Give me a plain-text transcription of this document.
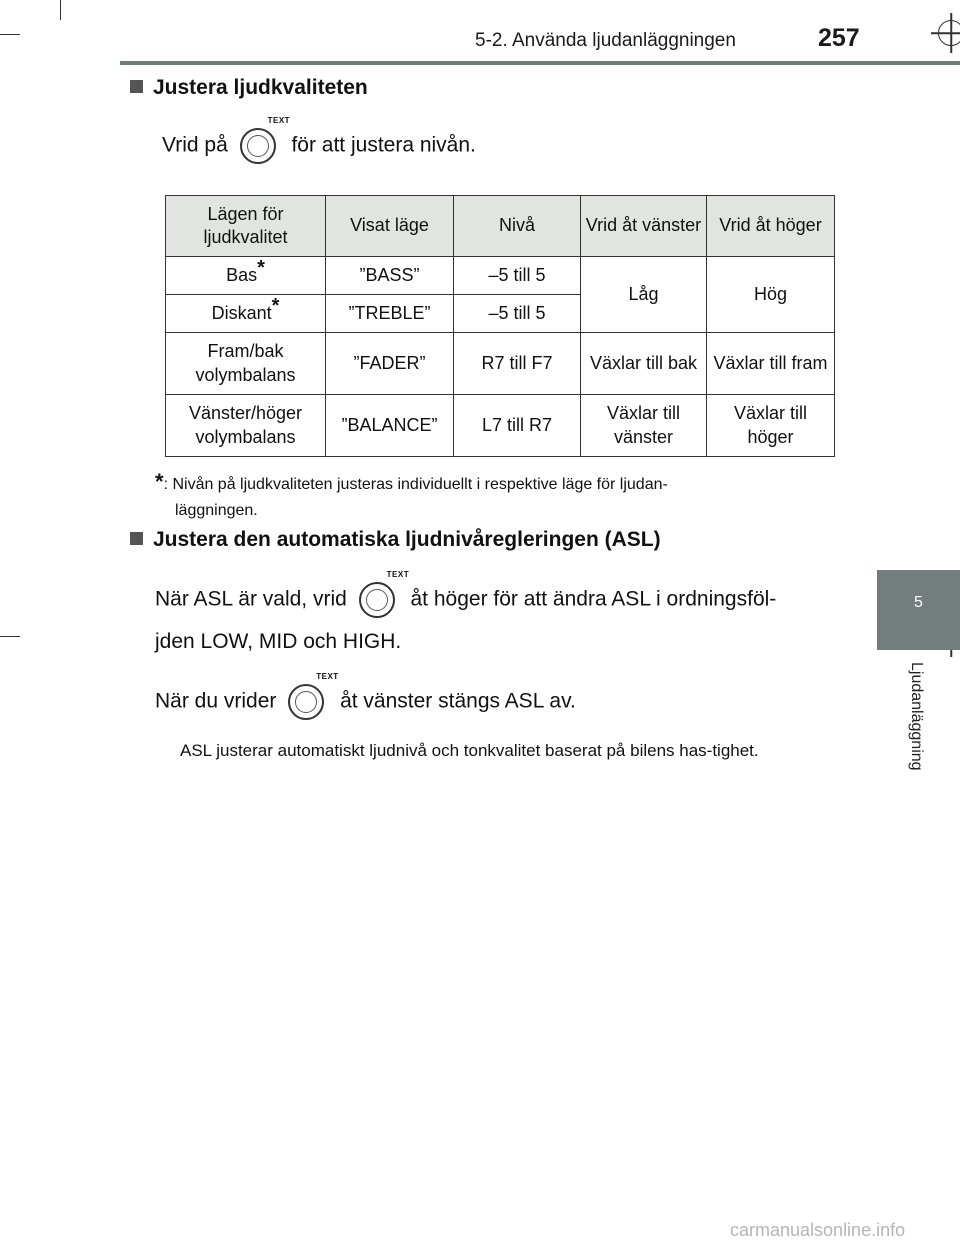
5-2. Använda ljudanläggningen	257
5
Ljudanläggning
Justera ljudkvaliteten
Vrid på
TEXT
för att justera nivån.
Lägen för ljudkvalitet	Visat läge	Nivå	Vrid åt vänster	Vrid åt höger
Bas*	”BASS”	–5 till 5	Låg	Hög
Diskant*	”TREBLE”	–5 till 5		
Fram/bak volymbalans	”FADER”	R7 till F7	Växlar till bak	Växlar till fram
Vänster/höger volymbalans	”BALANCE”	L7 till R7	Växlar till vänster	Växlar till höger
*: Nivån på ljudkvaliteten justeras individuellt i respektive läge för ljudan-
läggningen.
Justera den automatiska ljudnivåregleringen (ASL)
När ASL är vald, vrid
TEXT
åt höger för att ändra ASL i ordningsföl-
jden LOW, MID och HIGH.
När du vrider
TEXT
åt vänster stängs ASL av.
ASL justerar automatiskt ljudnivå och tonkvalitet baserat på bilens has-tighet.
carmanualsonline.info
